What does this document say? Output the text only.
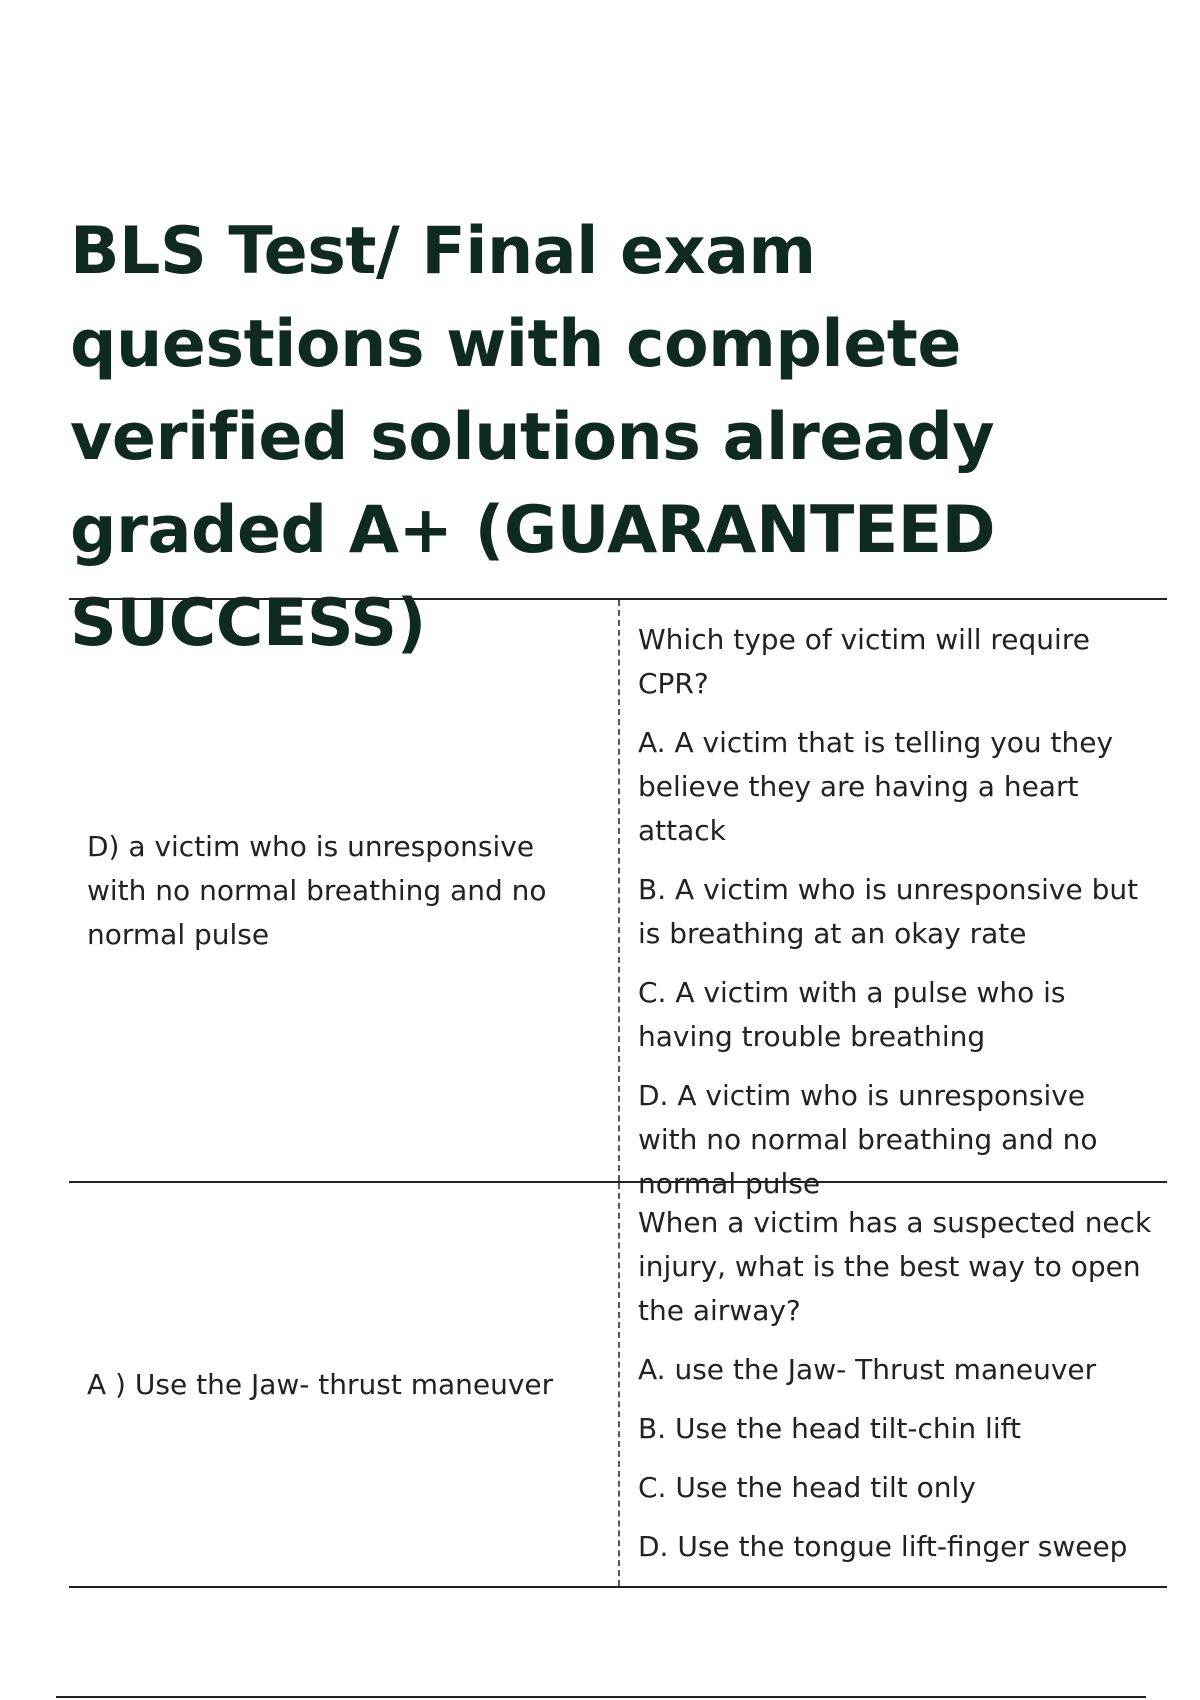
BLS Test/ Final exam questions with complete verified solutions already graded A+ (GUARANTEED SUCCESS)
D) a victim who is unresponsive with no normal breathing and no normal pulse

Which type of victim will require CPR?

A. A victim that is telling you they believe they are having a heart attack

B. A victim who is unresponsive but is breathing at an okay rate

C. A victim with a pulse who is having trouble breathing

D. A victim who is unresponsive with no normal breathing and no normal pulse

A ) Use the Jaw- thrust maneuver

When a victim has a suspected neck injury, what is the best way to open the airway?

A. use the Jaw- Thrust maneuver

B. Use the head tilt-chin lift

C. Use the head tilt only

D. Use the tongue lift-finger sweep
